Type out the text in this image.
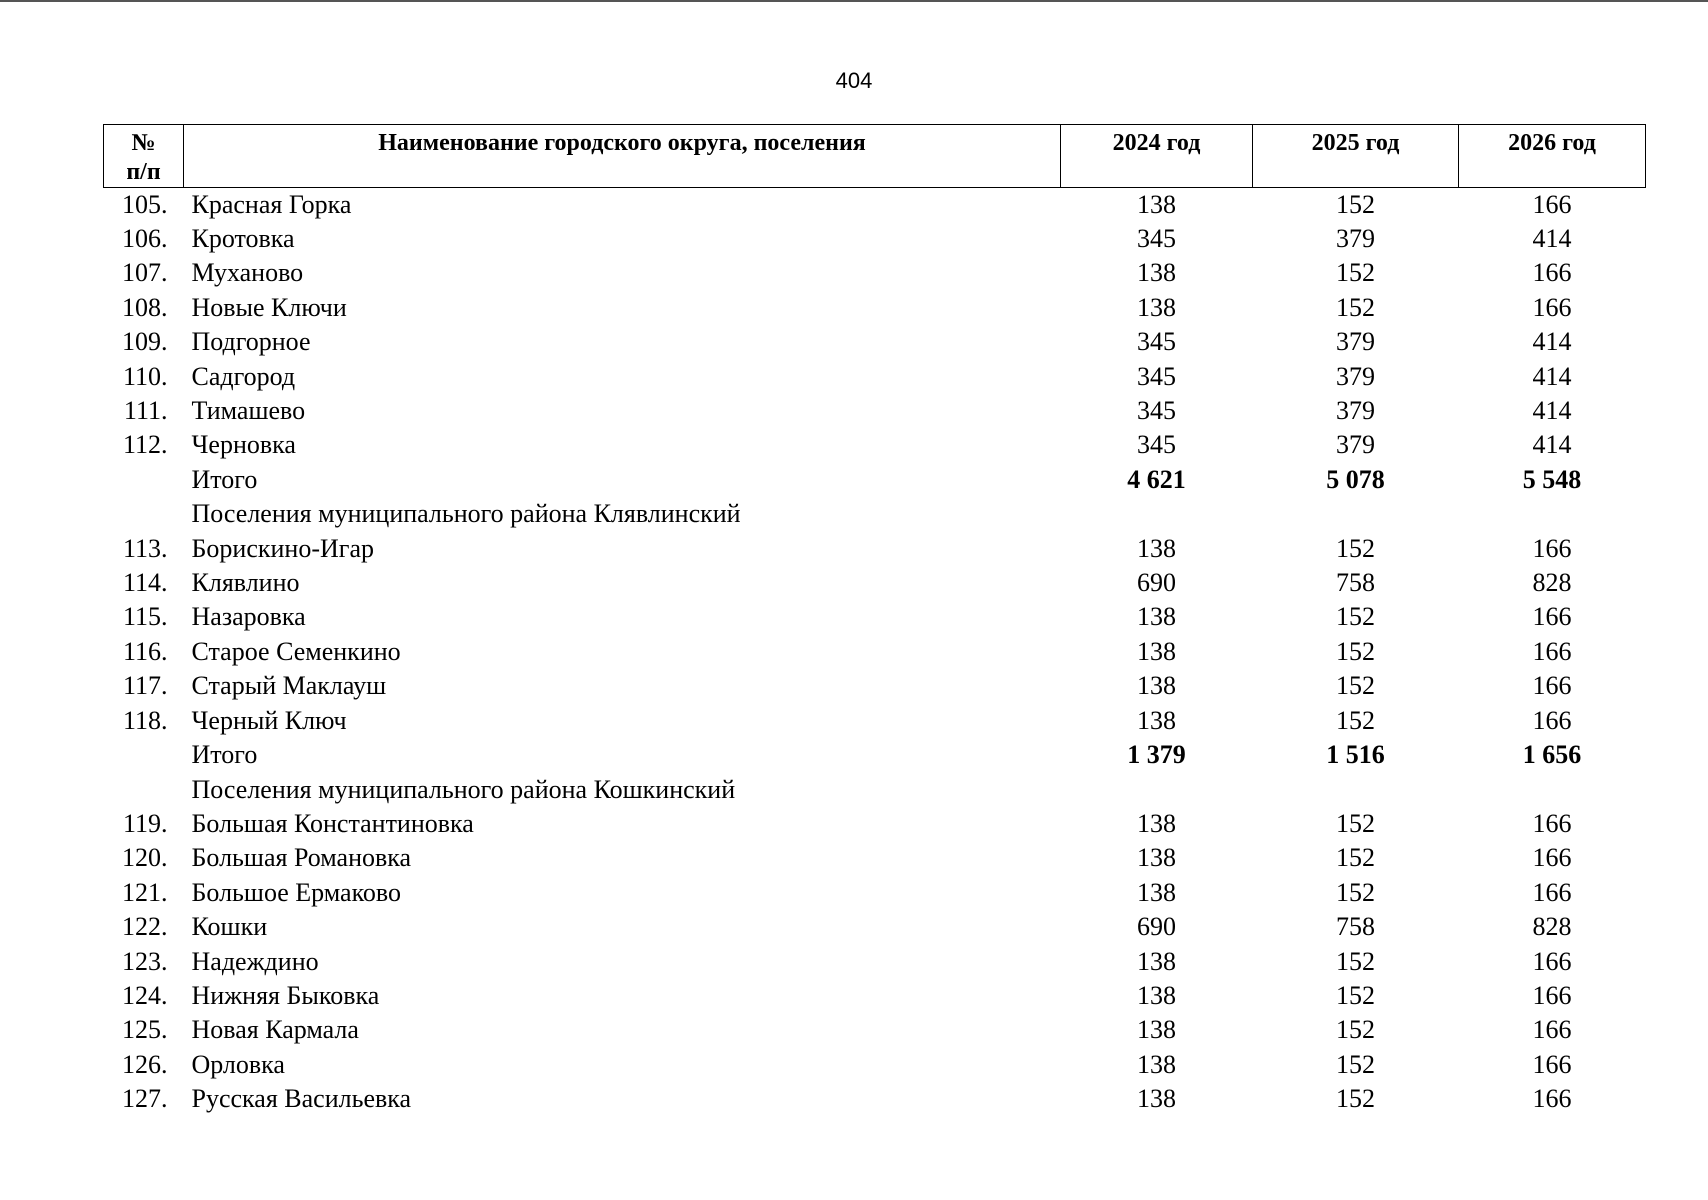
404
№
п/п	Наименование городского округа, поселения	2024 год	2025 год	2026 год
105.	Красная Горка	138	152	166
106.	Кротовка	345	379	414
107.	Муханово	138	152	166
108.	Новые Ключи	138	152	166
109.	Подгорное	345	379	414
110.	Садгород	345	379	414
111.	Тимашево	345	379	414
112.	Черновка	345	379	414
	Итого	4 621	5 078	5 548
	Поселения муниципального района Клявлинский			
113.	Борискино-Игар	138	152	166
114.	Клявлино	690	758	828
115.	Назаровка	138	152	166
116.	Старое Семенкино	138	152	166
117.	Старый Маклауш	138	152	166
118.	Черный Ключ	138	152	166
	Итого	1 379	1 516	1 656
	Поселения муниципального района Кошкинский			
119.	Большая Константиновка	138	152	166
120.	Большая Романовка	138	152	166
121.	Большое Ермаково	138	152	166
122.	Кошки	690	758	828
123.	Надеждино	138	152	166
124.	Нижняя Быковка	138	152	166
125.	Новая Кармала	138	152	166
126.	Орловка	138	152	166
127.	Русская Васильевка	138	152	166
